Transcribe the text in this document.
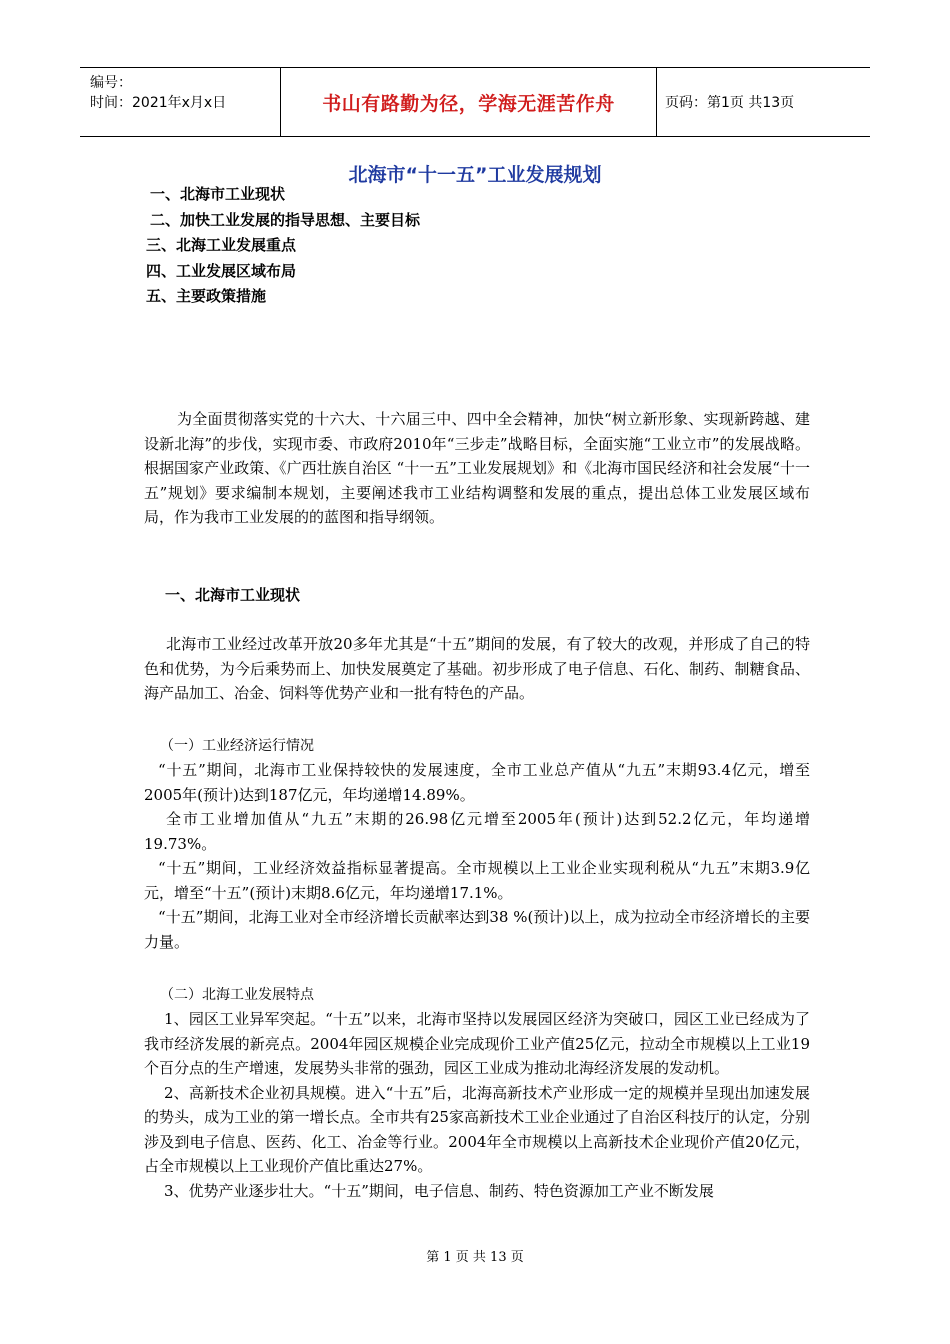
编号：
时间：2021年x月x日	书山有路勤为径，学海无涯苦作舟	页码：第1页 共13页
北海市“十一五”工业发展规划
一、北海市工业现状
二、加快工业发展的指导思想、主要目标
三、北海工业发展重点
四、工业发展区域布局
五、主要政策措施
为全面贯彻落实党的十六大、十六届三中、四中全会精神，加快“树立新形象、实现新跨越、建设新北海”的步伐，实现市委、市政府2010年“三步走”战略目标，全面实施“工业立市”的发展战略。根据国家产业政策、《广西壮族自治区 “十一五”工业发展规划》和《北海市国民经济和社会发展“十一五”规划》要求编制本规划，主要阐述我市工业结构调整和发展的重点，提出总体工业发展区域布局，作为我市工业发展的的蓝图和指导纲领。
一、北海市工业现状
北海市工业经过改革开放20多年尤其是“十五”期间的发展，有了较大的改观，并形成了自己的特色和优势，为今后乘势而上、加快发展奠定了基础。初步形成了电子信息、石化、制药、制糖食品、海产品加工、冶金、饲料等优势产业和一批有特色的产品。
（一）工业经济运行情况
“十五”期间，北海市工业保持较快的发展速度，全市工业总产值从“九五”末期93.4亿元，增至2005年(预计)达到187亿元，年均递增14.89%。
全市工业增加值从“九五”末期的26.98亿元增至2005年(预计)达到52.2亿元，年均递增19.73%。
“十五”期间，工业经济效益指标显著提高。全市规模以上工业企业实现利税从“九五”末期3.9亿元，增至“十五”(预计)末期8.6亿元，年均递增17.1%。
“十五”期间，北海工业对全市经济增长贡献率达到38 %(预计)以上，成为拉动全市经济增长的主要力量。
（二）北海工业发展特点
1、园区工业异军突起。“十五”以来，北海市坚持以发展园区经济为突破口，园区工业已经成为了我市经济发展的新亮点。2004年园区规模企业完成现价工业产值25亿元，拉动全市规模以上工业19个百分点的生产增速，发展势头非常的强劲，园区工业成为推动北海经济发展的发动机。
2、高新技术企业初具规模。进入“十五”后，北海高新技术产业形成一定的规模并呈现出加速发展的势头，成为工业的第一增长点。全市共有25家高新技术工业企业通过了自治区科技厅的认定，分别涉及到电子信息、医药、化工、冶金等行业。2004年全市规模以上高新技术企业现价产值20亿元，占全市规模以上工业现价产值比重达27%。
3、优势产业逐步壮大。“十五”期间，电子信息、制药、特色资源加工产业不断发展
第 1 页 共 13 页
